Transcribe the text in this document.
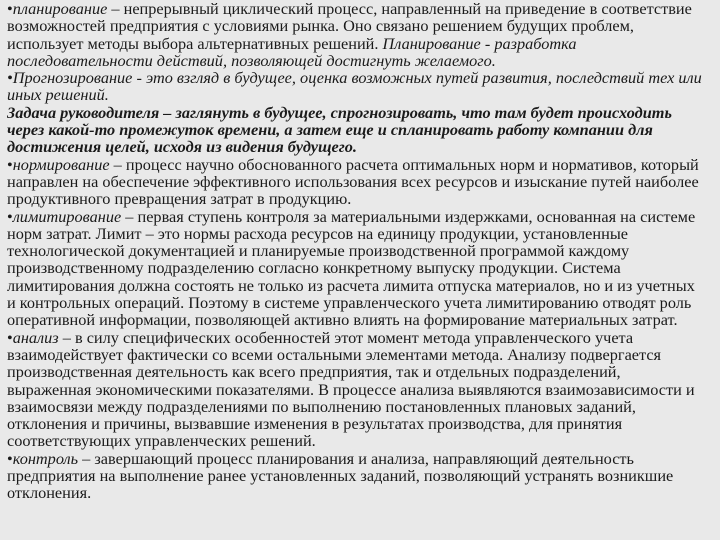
•планирование – непрерывный циклический процесс, направленный на приведение в соответствие возможностей предприятия с условиями рынка. Оно связано решением будущих проблем, использует методы выбора альтернативных решений. Планирование - разработка последовательности действий, позволяющей достигнуть желаемого.

•Прогнозирование - это взгляд в будущее, оценка возможных путей развития, последствий тех или иных решений.

Задача руководителя – заглянуть в будущее, спрогнозировать, что там будет происходить через какой-то промежуток времени, а затем еще и спланировать работу компании для достижения целей, исходя из видения будущего.

•нормирование – процесс научно обоснованного расчета оптимальных норм и нормативов, который направлен на обеспечение эффективного использования всех ресурсов и изыскание путей наиболее продуктивного превращения затрат в продукцию.

•лимитирование – первая ступень контроля за материальными издержками, основанная на системе норм затрат. Лимит – это нормы расхода ресурсов на единицу продукции, установленные технологической документацией и планируемые производственной программой каждому производственному подразделению согласно конкретному выпуску продукции. Система лимитирования должна состоять не только из расчета лимита отпуска материалов, но и из учетных и контрольных операций. Поэтому в системе управленческого учета лимитированию отводят роль оперативной информации, позволяющей активно влиять на формирование материальных затрат.

•анализ – в силу специфических особенностей этот момент метода управленческого учета взаимодействует фактически со всеми остальными элементами метода. Анализу подвергается производственная деятельность как всего предприятия, так и отдельных подразделений, выраженная экономическими показателями. В процессе анализа выявляются взаимозависимости и взаимосвязи между подразделениями по выполнению постановленных плановых заданий, отклонения и причины, вызвавшие изменения в результатах производства, для принятия соответствующих управленческих решений.

•контроль – завершающий процесс планирования и анализа, направляющий деятельность предприятия на выполнение ранее установленных заданий, позволяющий устранять возникшие отклонения.
